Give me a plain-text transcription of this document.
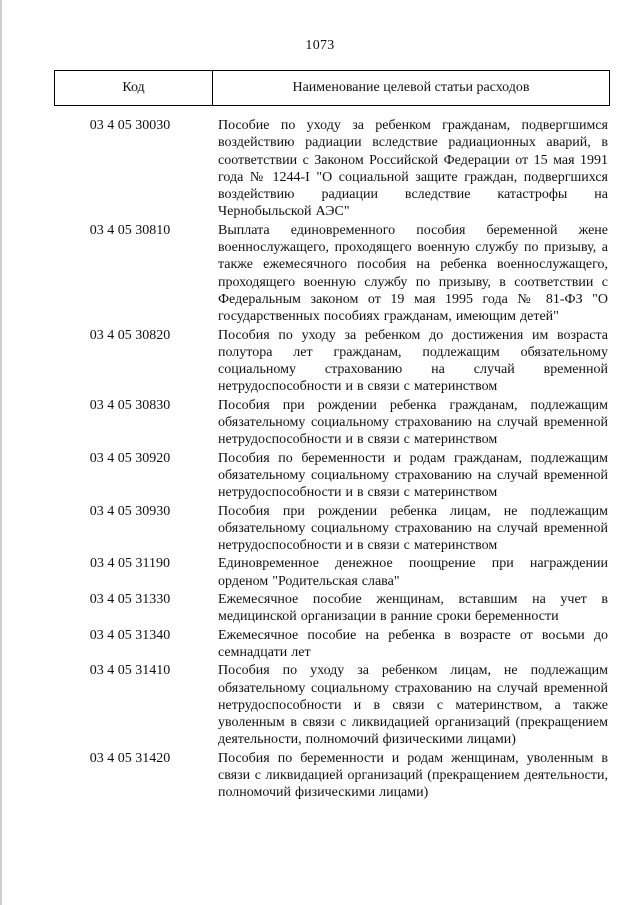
1073
Код	Наименование целевой статьи расходов
03 4 05 30030	Пособие по уходу за ребенком гражданам, подвергшимся воздействию радиации вследствие радиационных аварий, в соответствии с Законом Российской Федерации от 15 мая 1991 года № 1244-I "О социальной защите граждан, подвергшихся воздействию радиации вследствие катастрофы на Чернобыльской АЭС"
03 4 05 30810	Выплата единовременного пособия беременной жене военнослужащего, проходящего военную службу по призыву, а также ежемесячного пособия на ребенка военнослужащего, проходящего военную службу по призыву, в соответствии с Федеральным законом от 19 мая 1995 года № 81-ФЗ "О государственных пособиях гражданам, имеющим детей"
03 4 05 30820	Пособия по уходу за ребенком до достижения им возраста полутора лет гражданам, подлежащим обязательному социальному страхованию на случай временной нетрудоспособности и в связи с материнством
03 4 05 30830	Пособия при рождении ребенка гражданам, подлежащим обязательному социальному страхованию на случай временной нетрудоспособности и в связи с материнством
03 4 05 30920	Пособия по беременности и родам гражданам, подлежащим обязательному социальному страхованию на случай временной нетрудоспособности и в связи с материнством
03 4 05 30930	Пособия при рождении ребенка лицам, не подлежащим обязательному социальному страхованию на случай временной нетрудоспособности и в связи с материнством
03 4 05 31190	Единовременное денежное поощрение при награждении орденом "Родительская слава"
03 4 05 31330	Ежемесячное пособие женщинам, вставшим на учет в медицинской организации в ранние сроки беременности
03 4 05 31340	Ежемесячное пособие на ребенка в возрасте от восьми до семнадцати лет
03 4 05 31410	Пособия по уходу за ребенком лицам, не подлежащим обязательному социальному страхованию на случай временной нетрудоспособности и в связи с материнством, а также уволенным в связи с ликвидацией организаций (прекращением деятельности, полномочий физическими лицами)
03 4 05 31420	Пособия по беременности и родам женщинам, уволенным в связи с ликвидацией организаций (прекращением деятельности, полномочий физическими лицами)
